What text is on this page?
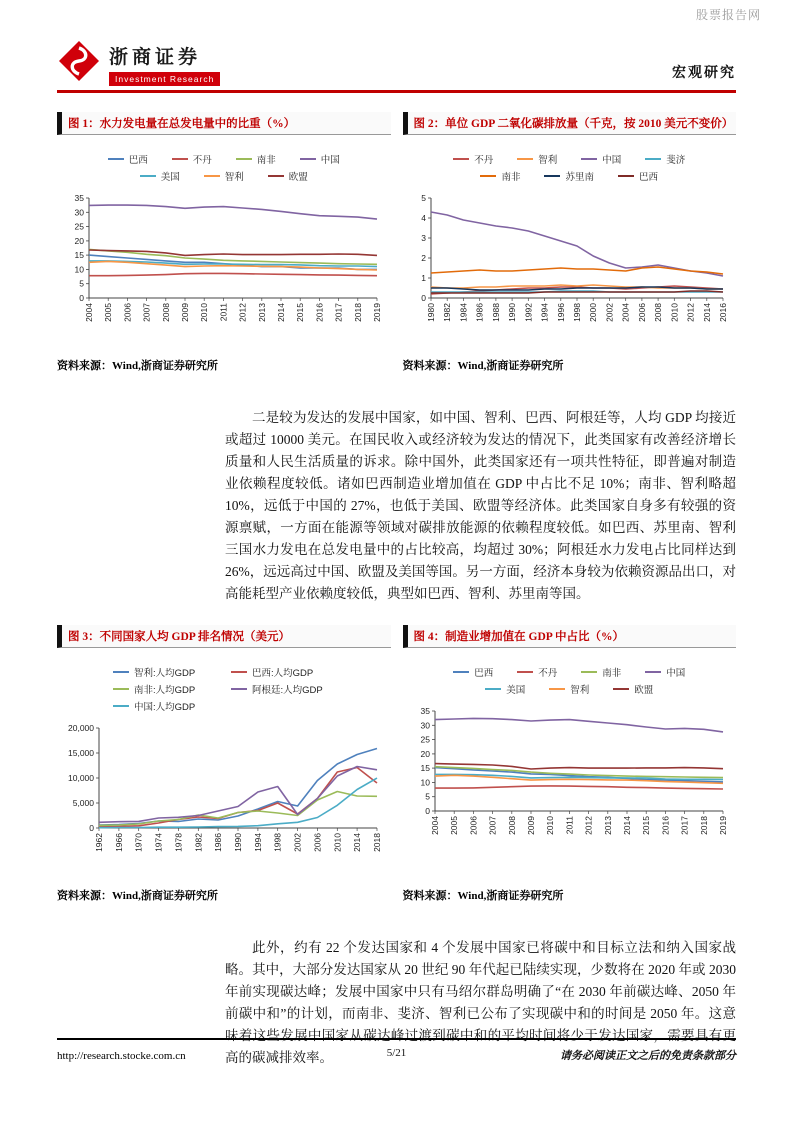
股票报告网
浙商证券
Investment Research	宏观研究
图 1：水力发电量在总发电量中的比重（%）
巴西	不丹	南非	中国
美国	智利	欧盟
0
5
10
15
20
25
30
35
2004 2005 2006 2007 2008 2009 2010 2011 2012 2013 2014 2015 2016 2017 2018 2019
资料来源：Wind,浙商证券研究所
图 2：单位 GDP 二氧化碳排放量（千克，按 2010 美元不变价）
不丹	智利	中国	斐济
南非	苏里南	巴西
0
1
2
3
4
5
1980 1982 1984 1986 1988 1990 1992 1994 1996 1998 2000 2002 2004 2006 2008 2010 2012 2014 2016
资料来源：Wind,浙商证券研究所

二是较为发达的发展中国家，如中国、智利、巴西、阿根廷等，人均 GDP 均接近或超过 10000 美元。在国民收入或经济较为发达的情况下，此类国家有改善经济增长质量和人民生活质量的诉求。除中国外，此类国家还有一项共性特征，即普遍对制造业依赖程度较低。诸如巴西制造业增加值在 GDP 中占比不足 10%；南非、智利略超 10%，远低于中国的 27%，也低于美国、欧盟等经济体。此类国家自身多有较强的资源禀赋，一方面在能源等领域对碳排放能源的依赖程度较低。如巴西、苏里南、智利三国水力发电在总发电量中的占比较高，均超过 30%；阿根廷水力发电占比同样达到 26%，远远高过中国、欧盟及美国等国。另一方面，经济本身较为依赖资源品出口，对高能耗型产业依赖度较低，典型如巴西、智利、苏里南等国。

图 3：不同国家人均 GDP 排名情况（美元）
智利:人均GDP	巴西:人均GDP
南非:人均GDP	阿根廷:人均GDP
中国:人均GDP
0
5,000
10,000
15,000
20,000
1962 1966 1970 1974 1978 1982 1986 1990 1994 1998 2002 2006 2010 2014 2018
资料来源：Wind,浙商证券研究所
图 4：制造业增加值在 GDP 中占比（%）
巴西	不丹	南非	中国
美国	智利	欧盟
0
5
10
15
20
25
30
35
2004 2005 2006 2007 2008 2009 2010 2011 2012 2013 2014 2015 2016 2017 2018 2019
资料来源：Wind,浙商证券研究所

此外，约有 22 个发达国家和 4 个发展中国家已将碳中和目标立法和纳入国家战略。其中，大部分发达国家从 20 世纪 90 年代起已陆续实现，少数将在 2020 年或 2030 年前实现碳达峰；发展中国家中只有马绍尔群岛明确了“在 2030 年前碳达峰、2050 年前碳中和”的计划，而南非、斐济、智利已公布了实现碳中和的时间是 2050 年。这意味着这些发展中国家从碳达峰过渡到碳中和的平均时间将少于发达国家，需要具有更高的碳减排效率。

http://research.stocke.com.cn	5/21	请务必阅读正文之后的免责条款部分
